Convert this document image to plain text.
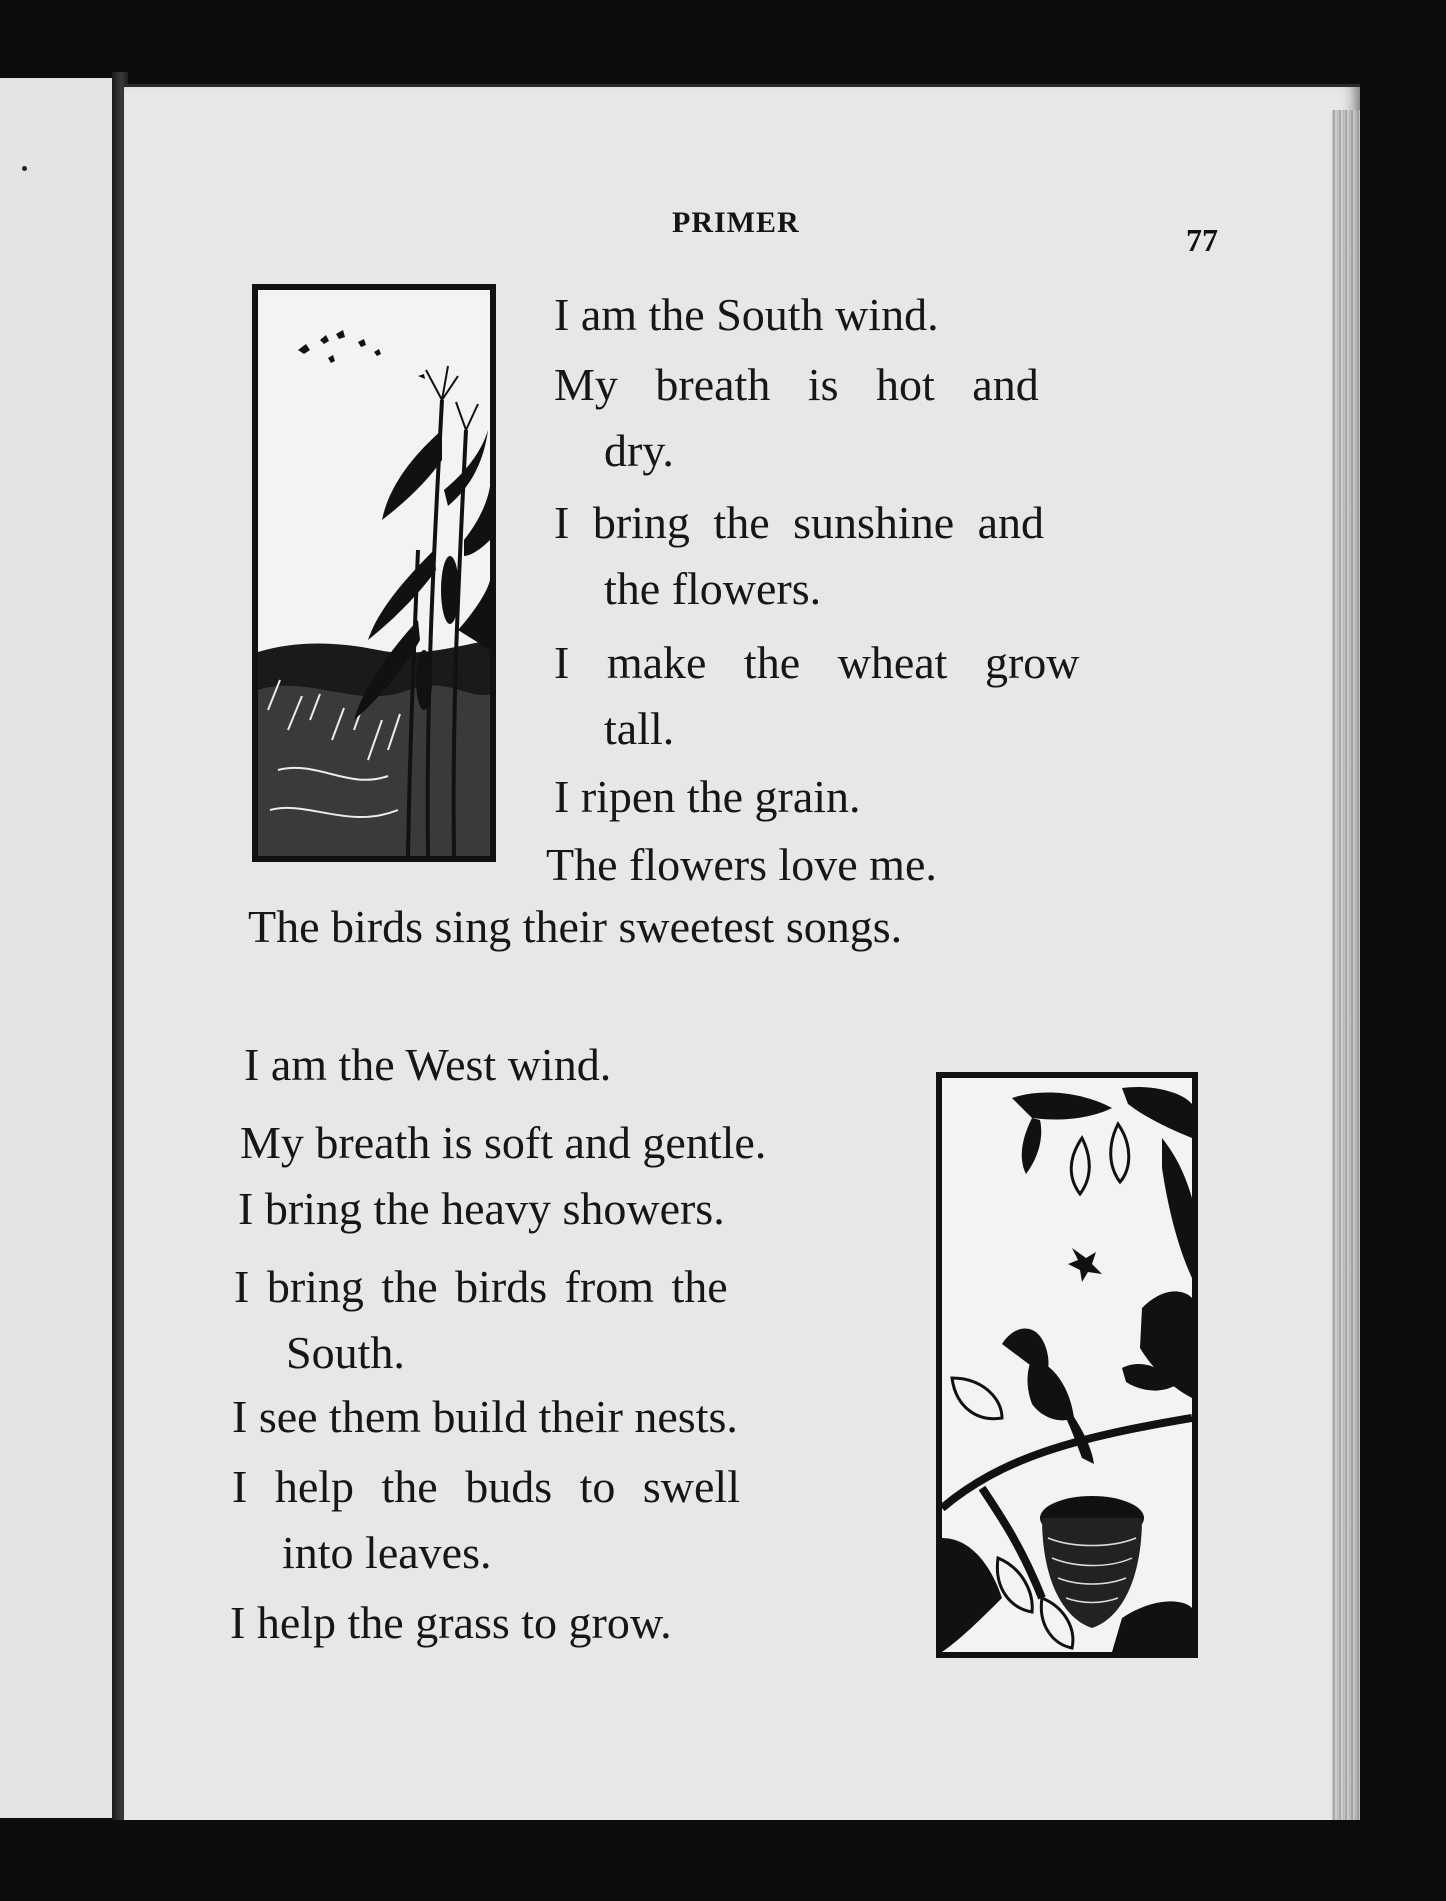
PRIMER	77
I am the South wind.
My breath is hot and
dry.
I bring the sunshine and
the flowers.
I make the wheat grow
tall.
I ripen the grain.
The flowers love me.
The birds sing their sweetest songs.
I am the West wind.
My breath is soft and gentle.
I bring the heavy showers.
I bring the birds from the
South.
I see them build their nests.
I help the buds to swell
into leaves.
I help the grass to grow.
